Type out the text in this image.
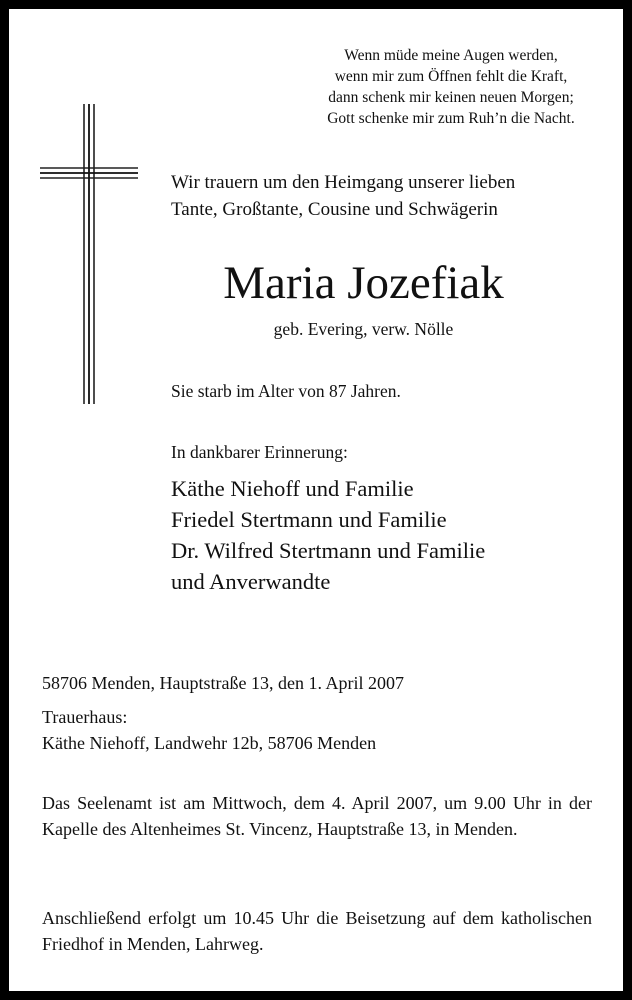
Wenn müde meine Augen werden,
wenn mir zum Öffnen fehlt die Kraft,
dann schenk mir keinen neuen Morgen;
Gott schenke mir zum Ruh’n die Nacht.
Wir trauern um den Heimgang unserer lieben
Tante, Großtante, Cousine und Schwägerin
Maria Jozefiak
geb. Evering, verw. Nölle
Sie starb im Alter von 87 Jahren.
In dankbarer Erinnerung:
Käthe Niehoff und Familie
Friedel Stertmann und Familie
Dr. Wilfred Stertmann und Familie
und Anverwandte
58706 Menden, Hauptstraße 13, den 1. April 2007
Trauerhaus:
Käthe Niehoff, Landwehr 12b, 58706 Menden
Das Seelenamt ist am Mittwoch, dem 4. April 2007, um 9.00 Uhr in der Kapelle des Altenheimes St. Vincenz, Hauptstraße 13, in Menden.
Anschließend erfolgt um 10.45 Uhr die Beisetzung auf dem katholischen Friedhof in Menden, Lahrweg.
